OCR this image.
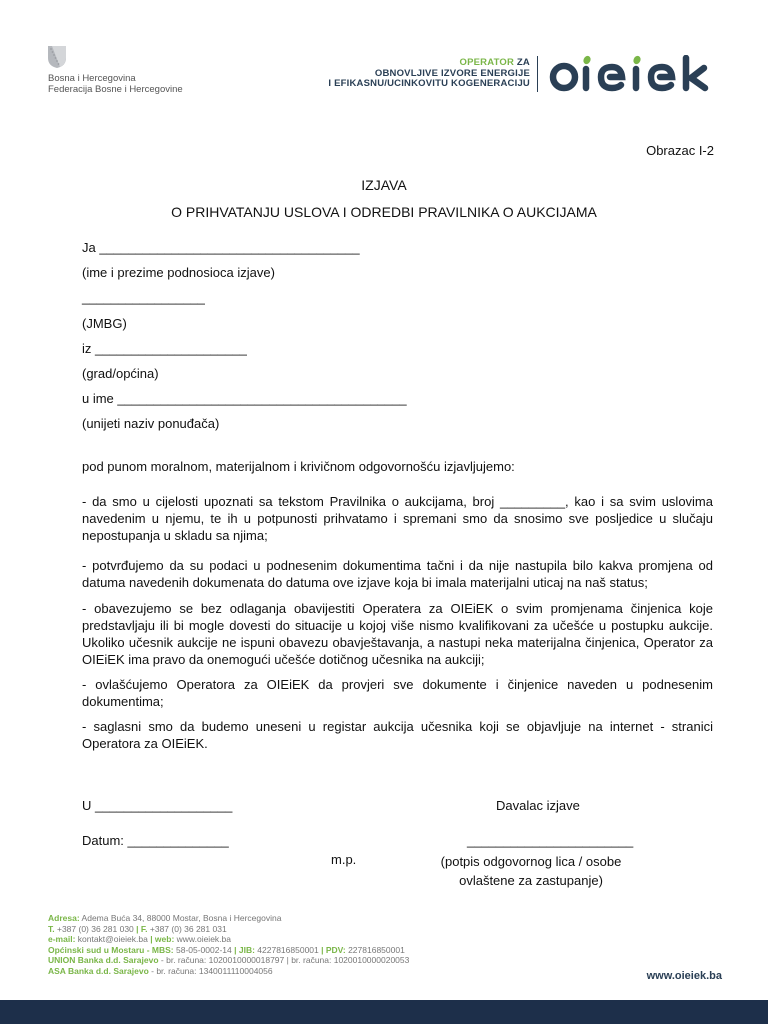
Bosna i Hercegovina
Federacija Bosne i Hercegovine
OPERATOR ZA
OBNOVLJIVE IZVORE ENERGIJE
I EFIKASNU/UCINKOVITU KOGENERACIJU
Obrazac I-2
IZJAVA
O PRIHVATANJU USLOVA I ODREDBI PRAVILNIKA O AUKCIJAMA
Ja ____________________________________
(ime i prezime podnosioca izjave)
_________________
(JMBG)
iz _____________________
(grad/općina)
u ime ________________________________________
(unijeti naziv ponuđača)
pod punom moralnom, materijalnom i krivičnom odgovornošću izjavljujemo:
- da smo u cijelosti upoznati sa tekstom Pravilnika o aukcijama, broj _________, kao i sa svim uslovima navedenim u njemu, te ih u potpunosti prihvatamo i spremani smo da snosimo sve posljedice u slučaju nepostupanja u skladu sa njima;
- potvrđujemo da su podaci u podnesenim dokumentima tačni i da nije nastupila bilo kakva promjena od datuma navedenih dokumenata do datuma ove izjave koja bi imala materijalni uticaj na naš status;
- obavezujemo se bez odlaganja obavijestiti Operatera za OIEiEK o svim promjenama činjenica koje predstavljaju ili bi mogle dovesti do situacije u kojoj više nismo kvalifikovani za učešće u postupku aukcije. Ukoliko učesnik aukcije ne ispuni obavezu obavještavanja, a nastupi neka materijalna činjenica, Operator za OIEiEK ima pravo da onemogući učešće dotičnog učesnika na aukciji;
- ovlašćujemo Operatora za OIEiEK da provjeri sve dokumente i činjenice naveden u podnesenim dokumentima;
- saglasni smo da budemo uneseni u registar aukcija učesnika koji se objavljuje na internet - stranici Operatora za OIEiEK.
U ___________________
Datum: ______________
Davalac izjave
_______________________
m.p.	(potpis odgovornog lica / osobe
ovlaštene za zastupanje)
Adresa: Adema Buća 34, 88000 Mostar, Bosna i Hercegovina
T. +387 (0) 36 281 030 | F. +387 (0) 36 281 031
e-mail: kontakt@oieiek.ba | web: www.oieiek.ba
Općinski sud u Mostaru - MBS: 58-05-0002-14 | JIB: 4227816850001 | PDV: 227816850001
UNION Banka d.d. Sarajevo - br. računa: 1020010000018797 | br. računa: 1020010000020053
ASA Banka d.d. Sarajevo - br. računa: 1340011110004056	www.oieiek.ba
